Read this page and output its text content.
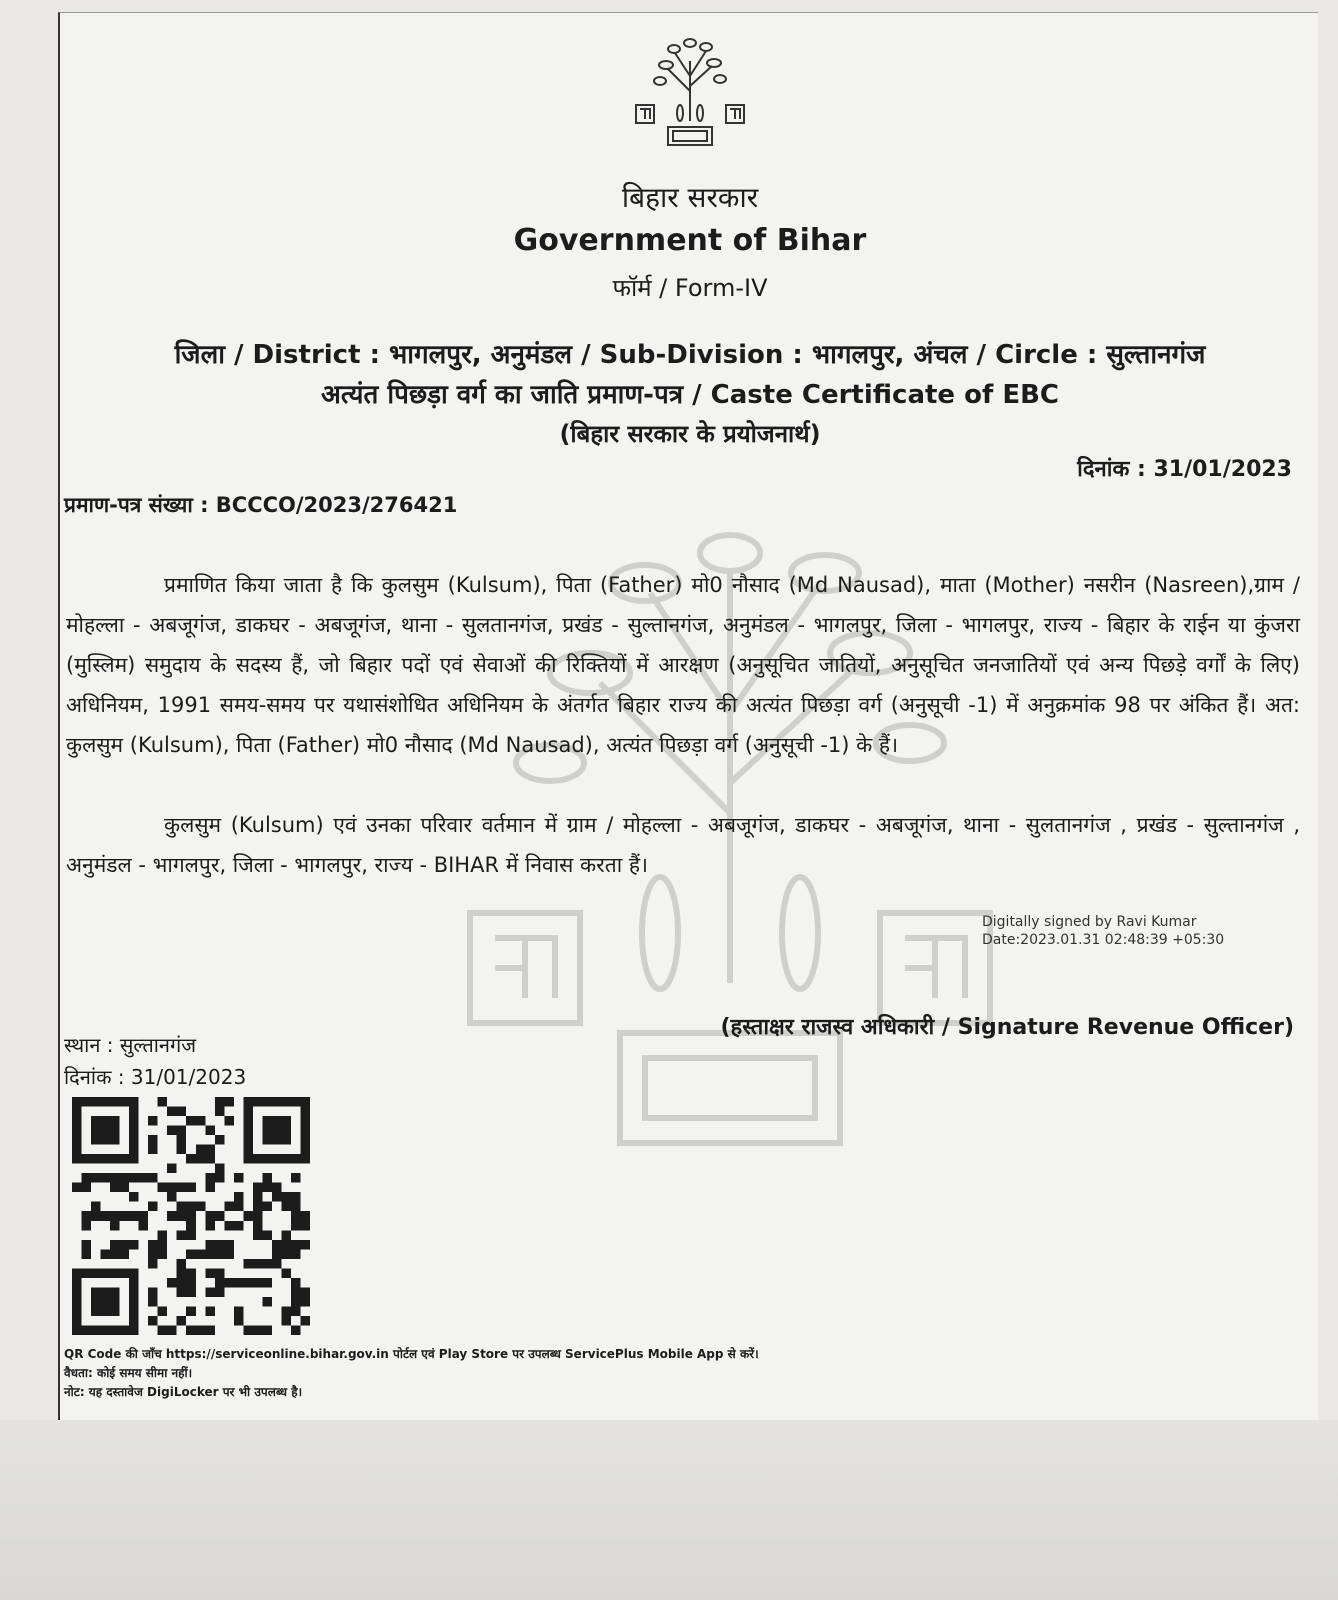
बिहार सरकार
Government of Bihar
फॉर्म / Form-IV
जिला / District : भागलपुर, अनुमंडल / Sub-Division : भागलपुर, अंचल / Circle : सुल्तानगंज
अत्यंत पिछड़ा वर्ग का जाति प्रमाण-पत्र / Caste Certificate of EBC
(बिहार सरकार के प्रयोजनार्थ)
दिनांक : 31/01/2023
प्रमाण-पत्र संख्या : BCCCO/2023/276421
प्रमाणित किया जाता है कि कुलसुम (Kulsum), पिता (Father) मो0 नौसाद (Md Nausad), माता (Mother) नसरीन (Nasreen),ग्राम / मोहल्ला - अबजूगंज, डाकघर - अबजूगंज, थाना - सुलतानगंज, प्रखंड - सुल्तानगंज, अनुमंडल - भागलपुर, जिला - भागलपुर, राज्य - बिहार के राईन या कुंजरा (मुस्लिम) समुदाय के सदस्य हैं, जो बिहार पदों एवं सेवाओं की रिक्तियों में आरक्षण (अनुसूचित जातियों, अनुसूचित जनजातियों एवं अन्य पिछड़े वर्गों के लिए) अधिनियम, 1991 समय-समय पर यथासंशोधित अधिनियम के अंतर्गत बिहार राज्य की अत्यंत पिछड़ा वर्ग (अनुसूची -1) में अनुक्रमांक 98 पर अंकित हैं। अत: कुलसुम (Kulsum), पिता (Father) मो0 नौसाद (Md Nausad), अत्यंत पिछड़ा वर्ग (अनुसूची -1) के हैं।
कुलसुम (Kulsum) एवं उनका परिवार वर्तमान में ग्राम / मोहल्ला - अबजूगंज, डाकघर - अबजूगंज, थाना - सुलतानगंज , प्रखंड - सुल्तानगंज , अनुमंडल - भागलपुर, जिला - भागलपुर, राज्य - BIHAR में निवास करता हैं।
Digitally signed by Ravi Kumar
Date:2023.01.31 02:48:39 +05:30
(हस्ताक्षर राजस्व अधिकारी / Signature Revenue Officer)
स्थान : सुल्तानगंज
दिनांक : 31/01/2023
QR Code की जाँच https://serviceonline.bihar.gov.in पोर्टल एवं Play Store पर उपलब्ध ServicePlus Mobile App से करें।
वैधता: कोई समय सीमा नहीं।
नोट: यह दस्तावेज DigiLocker पर भी उपलब्ध है।
